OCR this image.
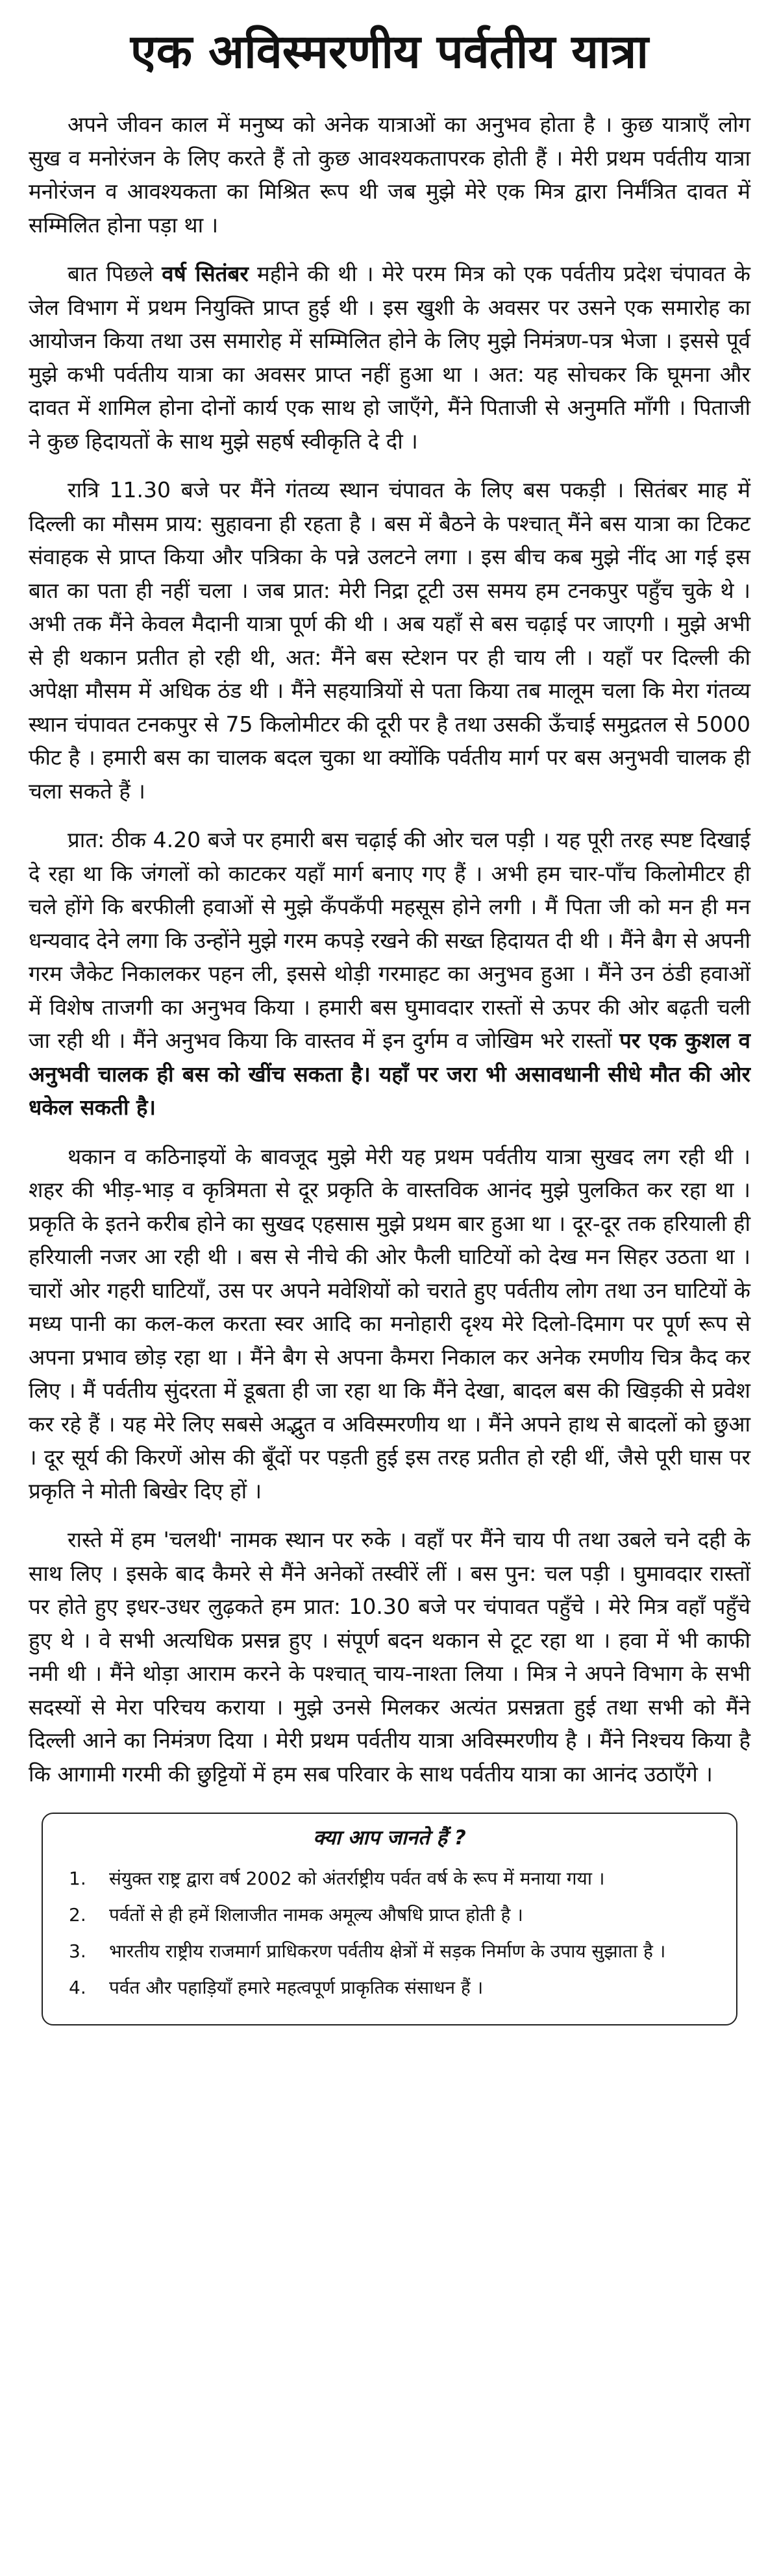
एक अविस्मरणीय पर्वतीय यात्रा

अपने जीवन काल में मनुष्य को अनेक यात्राओं का अनुभव होता है । कुछ यात्राएँ लोग सुख व मनोरंजन के लिए करते हैं तो कुछ आवश्यकतापरक होती हैं । मेरी प्रथम पर्वतीय यात्रा मनोरंजन व आवश्यकता का मिश्रित रूप थी जब मुझे मेरे एक मित्र द्वारा निर्मंत्रित दावत में सम्मिलित होना पड़ा था ।

बात पिछले वर्ष सितंबर महीने की थी । मेरे परम मित्र को एक पर्वतीय प्रदेश चंपावत के जेल विभाग में प्रथम नियुक्ति प्राप्त हुई थी । इस खुशी के अवसर पर उसने एक समारोह का आयोजन किया तथा उस समारोह में सम्मिलित होने के लिए मुझे निमंत्रण-पत्र भेजा । इससे पूर्व मुझे कभी पर्वतीय यात्रा का अवसर प्राप्त नहीं हुआ था । अत: यह सोचकर कि घूमना और दावत में शामिल होना दोनों कार्य एक साथ हो जाएँगे, मैंने पिताजी से अनुमति माँगी । पिताजी ने कुछ हिदायतों के साथ मुझे सहर्ष स्वीकृति दे दी ।

रात्रि 11.30 बजे पर मैंने गंतव्य स्थान चंपावत के लिए बस पकड़ी । सितंबर माह में दिल्ली का मौसम प्राय: सुहावना ही रहता है । बस में बैठने के पश्चात् मैंने बस यात्रा का टिकट संवाहक से प्राप्त किया और पत्रिका के पन्ने उलटने लगा । इस बीच कब मुझे नींद आ गई इस बात का पता ही नहीं चला । जब प्रात: मेरी निद्रा टूटी उस समय हम टनकपुर पहुँच चुके थे । अभी तक मैंने केवल मैदानी यात्रा पूर्ण की थी । अब यहाँ से बस चढ़ाई पर जाएगी । मुझे अभी से ही थकान प्रतीत हो रही थी, अत: मैंने बस स्टेशन पर ही चाय ली । यहाँ पर दिल्ली की अपेक्षा मौसम में अधिक ठंड थी । मैंने सहयात्रियों से पता किया तब मालूम चला कि मेरा गंतव्य स्थान चंपावत टनकपुर से 75 किलोमीटर की दूरी पर है तथा उसकी ऊँचाई समुद्रतल से 5000 फीट है । हमारी बस का चालक बदल चुका था क्योंकि पर्वतीय मार्ग पर बस अनुभवी चालक ही चला सकते हैं ।

प्रात: ठीक 4.20 बजे पर हमारी बस चढ़ाई की ओर चल पड़ी । यह पूरी तरह स्पष्ट दिखाई दे रहा था कि जंगलों को काटकर यहाँ मार्ग बनाए गए हैं । अभी हम चार-पाँच किलोमीटर ही चले होंगे कि बरफीली हवाओं से मुझे कँपकँपी महसूस होने लगी । मैं पिता जी को मन ही मन धन्यवाद देने लगा कि उन्होंने मुझे गरम कपड़े रखने की सख्त हिदायत दी थी । मैंने बैग से अपनी गरम जैकेट निकालकर पहन ली, इससे थोड़ी गरमाहट का अनुभव हुआ । मैंने उन ठंडी हवाओं में विशेष ताजगी का अनुभव किया । हमारी बस घुमावदार रास्तों से ऊपर की ओर बढ़ती चली जा रही थी । मैंने अनुभव किया कि वास्तव में इन दुर्गम व जोखिम भरे रास्तों पर एक कुशल व अनुभवी चालक ही बस को खींच सकता है। यहाँ पर जरा भी असावधानी सीधे मौत की ओर धकेल सकती है।

थकान व कठिनाइयों के बावजूद मुझे मेरी यह प्रथम पर्वतीय यात्रा सुखद लग रही थी । शहर की भीड़-भाड़ व कृत्रिमता से दूर प्रकृति के वास्तविक आनंद मुझे पुलकित कर रहा था । प्रकृति के इतने करीब होने का सुखद एहसास मुझे प्रथम बार हुआ था । दूर-दूर तक हरियाली ही हरियाली नजर आ रही थी । बस से नीचे की ओर फैली घाटियों को देख मन सिहर उठता था । चारों ओर गहरी घाटियाँ, उस पर अपने मवेशियों को चराते हुए पर्वतीय लोग तथा उन घाटियों के मध्य पानी का कल-कल करता स्वर आदि का मनोहारी दृश्य मेरे दिलो-दिमाग पर पूर्ण रूप से अपना प्रभाव छोड़ रहा था । मैंने बैग से अपना कैमरा निकाल कर अनेक रमणीय चित्र कैद कर लिए । मैं पर्वतीय सुंदरता में डूबता ही जा रहा था कि मैंने देखा, बादल बस की खिड़की से प्रवेश कर रहे हैं । यह मेरे लिए सबसे अद्भुत व अविस्मरणीय था । मैंने अपने हाथ से बादलों को छुआ । दूर सूर्य की किरणें ओस की बूँदों पर पड़ती हुई इस तरह प्रतीत हो रही थीं, जैसे पूरी घास पर प्रकृति ने मोती बिखेर दिए हों ।

रास्ते में हम 'चलथी' नामक स्थान पर रुके । वहाँ पर मैंने चाय पी तथा उबले चने दही के साथ लिए । इसके बाद कैमरे से मैंने अनेकों तस्वीरें लीं । बस पुन: चल पड़ी । घुमावदार रास्तों पर होते हुए इधर-उधर लुढ़कते हम प्रात: 10.30 बजे पर चंपावत पहुँचे । मेरे मित्र वहाँ पहुँचे हुए थे । वे सभी अत्यधिक प्रसन्न हुए । संपूर्ण बदन थकान से टूट रहा था । हवा में भी काफी नमी थी । मैंने थोड़ा आराम करने के पश्चात् चाय-नाश्ता लिया । मित्र ने अपने विभाग के सभी सदस्यों से मेरा परिचय कराया । मुझे उनसे मिलकर अत्यंत प्रसन्नता हुई तथा सभी को मैंने दिल्ली आने का निमंत्रण दिया । मेरी प्रथम पर्वतीय यात्रा अविस्मरणीय है । मैंने निश्चय किया है कि आगामी गरमी की छुट्टियों में हम सब परिवार के साथ पर्वतीय यात्रा का आनंद उठाएँगे ।

क्या आप जानते हैं ?
1.	संयुक्त राष्ट्र द्वारा वर्ष 2002 को अंतर्राष्ट्रीय पर्वत वर्ष के रूप में मनाया गया ।
2.	पर्वतों से ही हमें शिलाजीत नामक अमूल्य औषधि प्राप्त होती है ।
3.	भारतीय राष्ट्रीय राजमार्ग प्राधिकरण पर्वतीय क्षेत्रों में सड़क निर्माण के उपाय सुझाता है ।
4.	पर्वत और पहाड़ियाँ हमारे महत्वपूर्ण प्राकृतिक संसाधन हैं ।
